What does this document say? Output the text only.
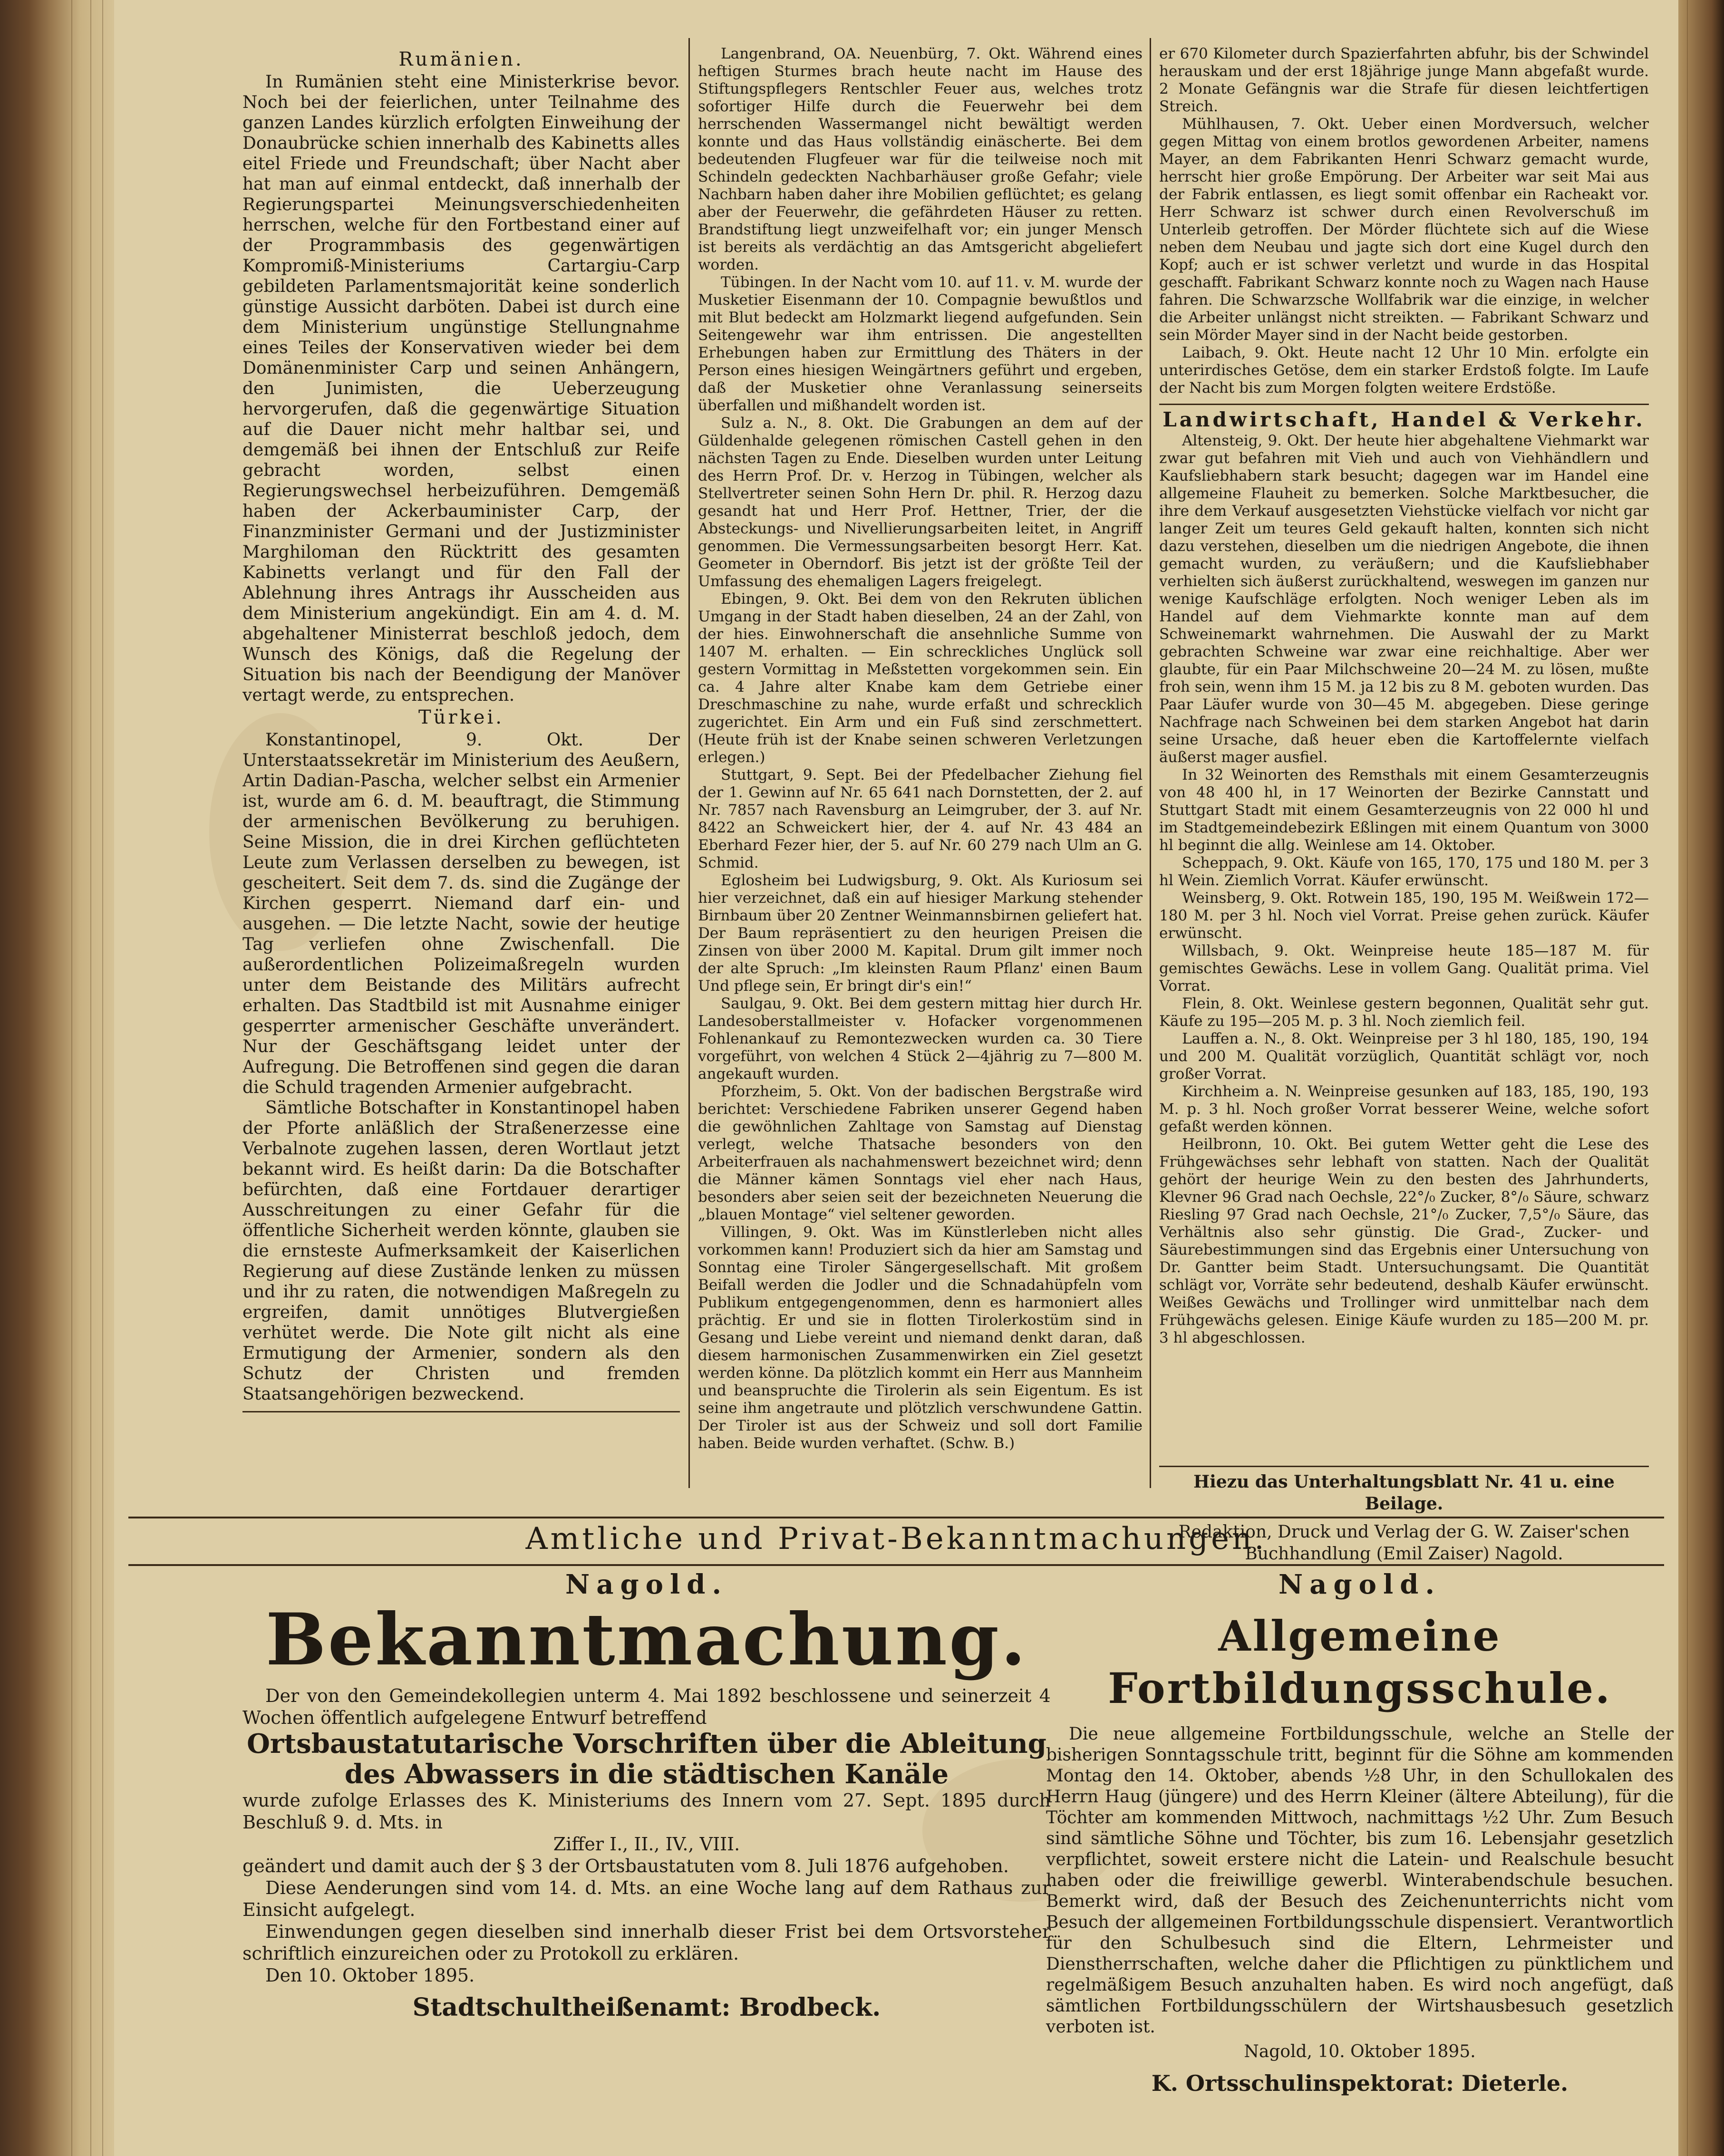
Rumänien.

In Rumänien steht eine Ministerkrise bevor. Noch bei der feierlichen, unter Teilnahme des ganzen Landes kürzlich erfolgten Einweihung der Donaubrücke schien innerhalb des Kabinetts alles eitel Friede und Freundschaft; über Nacht aber hat man auf einmal entdeckt, daß innerhalb der Regierungspartei Meinungsverschiedenheiten herrschen, welche für den Fortbestand einer auf der Programmbasis des gegenwärtigen Kompromiß-Ministeriums Cartargiu-Carp gebildeten Parlamentsmajorität keine sonderlich günstige Aussicht darböten. Dabei ist durch eine dem Ministerium ungünstige Stellungnahme eines Teiles der Konservativen wieder bei dem Domänenminister Carp und seinen Anhängern, den Junimisten, die Ueberzeugung hervorgerufen, daß die gegenwärtige Situation auf die Dauer nicht mehr haltbar sei, und demgemäß bei ihnen der Entschluß zur Reife gebracht worden, selbst einen Regierungswechsel herbeizuführen. Demgemäß haben der Ackerbauminister Carp, der Finanzminister Germani und der Justizminister Marghiloman den Rücktritt des gesamten Kabinetts verlangt und für den Fall der Ablehnung ihres Antrags ihr Ausscheiden aus dem Ministerium angekündigt. Ein am 4. d. M. abgehaltener Ministerrat beschloß jedoch, dem Wunsch des Königs, daß die Regelung der Situation bis nach der Beendigung der Manöver vertagt werde, zu entsprechen.

Türkei.

Konstantinopel, 9. Okt. Der Unterstaatssekretär im Ministerium des Aeußern, Artin Dadian-Pascha, welcher selbst ein Armenier ist, wurde am 6. d. M. beauftragt, die Stimmung der armenischen Bevölkerung zu beruhigen. Seine Mission, die in drei Kirchen geflüchteten Leute zum Verlassen derselben zu bewegen, ist gescheitert. Seit dem 7. ds. sind die Zugänge der Kirchen gesperrt. Niemand darf ein- und ausgehen. — Die letzte Nacht, sowie der heutige Tag verliefen ohne Zwischenfall. Die außerordentlichen Polizeimaßregeln wurden unter dem Beistande des Militärs aufrecht erhalten. Das Stadtbild ist mit Ausnahme einiger gesperrter armenischer Geschäfte unverändert. Nur der Geschäftsgang leidet unter der Aufregung. Die Betroffenen sind gegen die daran die Schuld tragenden Armenier aufgebracht.

Sämtliche Botschafter in Konstantinopel haben der Pforte anläßlich der Straßenerzesse eine Verbalnote zugehen lassen, deren Wortlaut jetzt bekannt wird. Es heißt darin: Da die Botschafter befürchten, daß eine Fortdauer derartiger Ausschreitungen zu einer Gefahr für die öffentliche Sicherheit werden könnte, glauben sie die ernsteste Aufmerksamkeit der Kaiserlichen Regierung auf diese Zustände lenken zu müssen und ihr zu raten, die notwendigen Maßregeln zu ergreifen, damit unnötiges Blutvergießen verhütet werde. Die Note gilt nicht als eine Ermutigung der Armenier, sondern als den Schutz der Christen und fremden Staatsangehörigen bezweckend.

Langenbrand, OA. Neuenbürg, 7. Okt. Während eines heftigen Sturmes brach heute nacht im Hause des Stiftungspflegers Rentschler Feuer aus, welches trotz sofortiger Hilfe durch die Feuerwehr bei dem herrschenden Wassermangel nicht bewältigt werden konnte und das Haus vollständig einäscherte. Bei dem bedeutenden Flugfeuer war für die teilweise noch mit Schindeln gedeckten Nachbarhäuser große Gefahr; viele Nachbarn haben daher ihre Mobilien geflüchtet; es gelang aber der Feuerwehr, die gefährdeten Häuser zu retten. Brandstiftung liegt unzweifelhaft vor; ein junger Mensch ist bereits als verdächtig an das Amtsgericht abgeliefert worden.

Tübingen. In der Nacht vom 10. auf 11. v. M. wurde der Musketier Eisenmann der 10. Compagnie bewußtlos und mit Blut bedeckt am Holzmarkt liegend aufgefunden. Sein Seitengewehr war ihm entrissen. Die angestellten Erhebungen haben zur Ermittlung des Thäters in der Person eines hiesigen Weingärtners geführt und ergeben, daß der Musketier ohne Veranlassung seinerseits überfallen und mißhandelt worden ist.

Sulz a. N., 8. Okt. Die Grabungen an dem auf der Güldenhalde gelegenen römischen Castell gehen in den nächsten Tagen zu Ende. Dieselben wurden unter Leitung des Herrn Prof. Dr. v. Herzog in Tübingen, welcher als Stellvertreter seinen Sohn Hern Dr. phil. R. Herzog dazu gesandt hat und Herr Prof. Hettner, Trier, der die Absteckungs- und Nivellierungsarbeiten leitet, in Angriff genommen. Die Vermessungsarbeiten besorgt Herr. Kat. Geometer in Oberndorf. Bis jetzt ist der größte Teil der Umfassung des ehemaligen Lagers freigelegt.

Ebingen, 9. Okt. Bei dem von den Rekruten üblichen Umgang in der Stadt haben dieselben, 24 an der Zahl, von der hies. Einwohnerschaft die ansehnliche Summe von 1407 M. erhalten. — Ein schreckliches Unglück soll gestern Vormittag in Meßstetten vorgekommen sein. Ein ca. 4 Jahre alter Knabe kam dem Getriebe einer Dreschmaschine zu nahe, wurde erfaßt und schrecklich zugerichtet. Ein Arm und ein Fuß sind zerschmettert. (Heute früh ist der Knabe seinen schweren Verletzungen erlegen.)

Stuttgart, 9. Sept. Bei der Pfedelbacher Ziehung fiel der 1. Gewinn auf Nr. 65 641 nach Dornstetten, der 2. auf Nr. 7857 nach Ravensburg an Leimgruber, der 3. auf Nr. 8422 an Schweickert hier, der 4. auf Nr. 43 484 an Eberhard Fezer hier, der 5. auf Nr. 60 279 nach Ulm an G. Schmid.

Eglosheim bei Ludwigsburg, 9. Okt. Als Kuriosum sei hier verzeichnet, daß ein auf hiesiger Markung stehender Birnbaum über 20 Zentner Weinmannsbirnen geliefert hat. Der Baum repräsentiert zu den heurigen Preisen die Zinsen von über 2000 M. Kapital. Drum gilt immer noch der alte Spruch: „Im kleinsten Raum Pflanz' einen Baum Und pflege sein, Er bringt dir's ein!“

Saulgau, 9. Okt. Bei dem gestern mittag hier durch Hr. Landesoberstallmeister v. Hofacker vorgenommenen Fohlenankauf zu Remontezwecken wurden ca. 30 Tiere vorgeführt, von welchen 4 Stück 2—4jährig zu 7—800 M. angekauft wurden.

Pforzheim, 5. Okt. Von der badischen Bergstraße wird berichtet: Verschiedene Fabriken unserer Gegend haben die gewöhnlichen Zahltage von Samstag auf Dienstag verlegt, welche Thatsache besonders von den Arbeiterfrauen als nachahmenswert bezeichnet wird; denn die Männer kämen Sonntags viel eher nach Haus, besonders aber seien seit der bezeichneten Neuerung die „blauen Montage“ viel seltener geworden.

Villingen, 9. Okt. Was im Künstlerleben nicht alles vorkommen kann! Produziert sich da hier am Samstag und Sonntag eine Tiroler Sängergesellschaft. Mit großem Beifall werden die Jodler und die Schnadahüpfeln vom Publikum entgegengenommen, denn es harmoniert alles prächtig. Er und sie in flotten Tirolerkostüm sind in Gesang und Liebe vereint und niemand denkt daran, daß diesem harmonischen Zusammenwirken ein Ziel gesetzt werden könne. Da plötzlich kommt ein Herr aus Mannheim und beanspruchte die Tirolerin als sein Eigentum. Es ist seine ihm angetraute und plötzlich verschwundene Gattin. Der Tiroler ist aus der Schweiz und soll dort Familie haben. Beide wurden verhaftet. (Schw. B.)

er 670 Kilometer durch Spazierfahrten abfuhr, bis der Schwindel herauskam und der erst 18jährige junge Mann abgefaßt wurde. 2 Monate Gefängnis war die Strafe für diesen leichtfertigen Streich.

Mühlhausen, 7. Okt. Ueber einen Mordversuch, welcher gegen Mittag von einem brotlos gewordenen Arbeiter, namens Mayer, an dem Fabrikanten Henri Schwarz gemacht wurde, herrscht hier große Empörung. Der Arbeiter war seit Mai aus der Fabrik entlassen, es liegt somit offenbar ein Racheakt vor. Herr Schwarz ist schwer durch einen Revolverschuß im Unterleib getroffen. Der Mörder flüchtete sich auf die Wiese neben dem Neubau und jagte sich dort eine Kugel durch den Kopf; auch er ist schwer verletzt und wurde in das Hospital geschafft. Fabrikant Schwarz konnte noch zu Wagen nach Hause fahren. Die Schwarzsche Wollfabrik war die einzige, in welcher die Arbeiter unlängst nicht streikten. — Fabrikant Schwarz und sein Mörder Mayer sind in der Nacht beide gestorben.

Laibach, 9. Okt. Heute nacht 12 Uhr 10 Min. erfolgte ein unterirdisches Getöse, dem ein starker Erdstoß folgte. Im Laufe der Nacht bis zum Morgen folgten weitere Erdstöße.

Landwirtschaft, Handel & Verkehr.

Altensteig, 9. Okt. Der heute hier abgehaltene Viehmarkt war zwar gut befahren mit Vieh und auch von Viehhändlern und Kaufsliebhabern stark besucht; dagegen war im Handel eine allgemeine Flauheit zu bemerken. Solche Marktbesucher, die ihre dem Verkauf ausgesetzten Viehstücke vielfach vor nicht gar langer Zeit um teures Geld gekauft halten, konnten sich nicht dazu verstehen, dieselben um die niedrigen Angebote, die ihnen gemacht wurden, zu veräußern; und die Kaufsliebhaber verhielten sich äußerst zurückhaltend, weswegen im ganzen nur wenige Kaufschläge erfolgten. Noch weniger Leben als im Handel auf dem Viehmarkte konnte man auf dem Schweinemarkt wahrnehmen. Die Auswahl der zu Markt gebrachten Schweine war zwar eine reichhaltige. Aber wer glaubte, für ein Paar Milchschweine 20—24 M. zu lösen, mußte froh sein, wenn ihm 15 M. ja 12 bis zu 8 M. geboten wurden. Das Paar Läufer wurde von 30—45 M. abgegeben. Diese geringe Nachfrage nach Schweinen bei dem starken Angebot hat darin seine Ursache, daß heuer eben die Kartoffelernte vielfach äußerst mager ausfiel.

In 32 Weinorten des Remsthals mit einem Gesamterzeugnis von 48 400 hl, in 17 Weinorten der Bezirke Cannstatt und Stuttgart Stadt mit einem Gesamterzeugnis von 22 000 hl und im Stadtgemeindebezirk Eßlingen mit einem Quantum von 3000 hl beginnt die allg. Weinlese am 14. Oktober.

Scheppach, 9. Okt. Käufe von 165, 170, 175 und 180 M. per 3 hl Wein. Ziemlich Vorrat. Käufer erwünscht.

Weinsberg, 9. Okt. Rotwein 185, 190, 195 M. Weißwein 172—180 M. per 3 hl. Noch viel Vorrat. Preise gehen zurück. Käufer erwünscht.

Willsbach, 9. Okt. Weinpreise heute 185—187 M. für gemischtes Gewächs. Lese in vollem Gang. Qualität prima. Viel Vorrat.

Flein, 8. Okt. Weinlese gestern begonnen, Qualität sehr gut. Käufe zu 195—205 M. p. 3 hl. Noch ziemlich feil.

Lauffen a. N., 8. Okt. Weinpreise per 3 hl 180, 185, 190, 194 und 200 M. Qualität vorzüglich, Quantität schlägt vor, noch großer Vorrat.

Kirchheim a. N. Weinpreise gesunken auf 183, 185, 190, 193 M. p. 3 hl. Noch großer Vorrat besserer Weine, welche sofort gefaßt werden können.

Heilbronn, 10. Okt. Bei gutem Wetter geht die Lese des Frühgewächses sehr lebhaft von statten. Nach der Qualität gehört der heurige Wein zu den besten des Jahrhunderts, Klevner 96 Grad nach Oechsle, 22°/₀ Zucker, 8°/₀ Säure, schwarz Riesling 97 Grad nach Oechsle, 21°/₀ Zucker, 7,5°/₀ Säure, das Verhältnis also sehr günstig. Die Grad-, Zucker- und Säurebestimmungen sind das Ergebnis einer Untersuchung von Dr. Gantter beim Stadt. Untersuchungsamt. Die Quantität schlägt vor, Vorräte sehr bedeutend, deshalb Käufer erwünscht. Weißes Gewächs und Trollinger wird unmittelbar nach dem Frühgewächs gelesen. Einige Käufe wurden zu 185—200 M. pr. 3 hl abgeschlossen.

Hiezu das Unterhaltungsblatt Nr. 41 u. eine Beilage.
Redaktion, Druck und Verlag der G. W. Zaiser'schen
Buchhandlung (Emil Zaiser) Nagold.
Amtliche und Privat-Bekanntmachungen.
Nagold.
Bekanntmachung.

Der von den Gemeindekollegien unterm 4. Mai 1892 beschlossene und seinerzeit 4 Wochen öffentlich aufgelegene Entwurf betreffend

Ortsbaustatutarische Vorschriften über die Ableitung

des Abwassers in die städtischen Kanäle

wurde zufolge Erlasses des K. Ministeriums des Innern vom 27. Sept. 1895 durch Beschluß 9. d. Mts. in

Ziffer I., II., IV., VIII.

geändert und damit auch der § 3 der Ortsbaustatuten vom 8. Juli 1876 aufgehoben.

Diese Aenderungen sind vom 14. d. Mts. an eine Woche lang auf dem Rathaus zur Einsicht aufgelegt.

Einwendungen gegen dieselben sind innerhalb dieser Frist bei dem Ortsvorsteher schriftlich einzureichen oder zu Protokoll zu erklären.

Den 10. Oktober 1895.

Stadtschultheißenamt: Brodbeck.
Nagold.
Allgemeine Fortbildungsschule.

Die neue allgemeine Fortbildungsschule, welche an Stelle der bisherigen Sonntagsschule tritt, beginnt für die Söhne am kommenden Montag den 14. Oktober, abends ½8 Uhr, in den Schullokalen des Herrn Haug (jüngere) und des Herrn Kleiner (ältere Abteilung), für die Töchter am kommenden Mittwoch, nachmittags ½2 Uhr. Zum Besuch sind sämtliche Söhne und Töchter, bis zum 16. Lebensjahr gesetzlich verpflichtet, soweit erstere nicht die Latein- und Realschule besucht haben oder die freiwillige gewerbl. Winterabendschule besuchen. Bemerkt wird, daß der Besuch des Zeichenunterrichts nicht vom Besuch der allgemeinen Fortbildungsschule dispensiert. Verantwortlich für den Schulbesuch sind die Eltern, Lehrmeister und Dienstherrschaften, welche daher die Pflichtigen zu pünktlichem und regelmäßigem Besuch anzuhalten haben. Es wird noch angefügt, daß sämtlichen Fortbildungsschülern der Wirtshausbesuch gesetzlich verboten ist.

Nagold, 10. Oktober 1895.

K. Ortsschulinspektorat: Dieterle.
